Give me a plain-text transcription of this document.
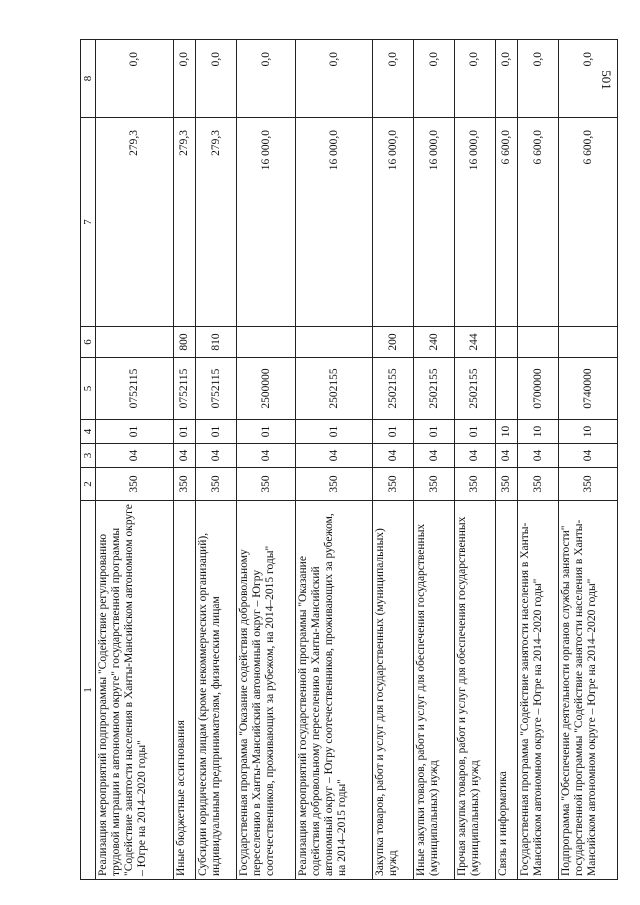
501
1	2	3	4	5	6	7	8
Реализация мероприятий подпрограммы "Содействие регулированию трудовой миграции в автономном округе" государственной программы "Содействие занятости населения в Ханты-Мансийском автономном округе – Югре на 2014–2020 годы"	350	04	01	0752115		279,3	0,0
Иные бюджетные ассигнования	350	04	01	0752115	800	279,3	0,0
Субсидии юридическим лицам (кроме некоммерческих организаций), индивидуальным предпринимателям, физическим лицам	350	04	01	0752115	810	279,3	0,0
Государственная программа "Оказание содействия добровольному переселению в Ханты-Мансийский автономный округ – Югру соотечественников, проживающих за рубежом, на 2014–2015 годы"	350	04	01	2500000		16 000,0	0,0
Реализация мероприятий государственной программы "Оказание содействия добровольному переселению в Ханты-Мансийский автономный округ – Югру соотечественников, проживающих за рубежом, на 2014–2015 годы"	350	04	01	2502155		16 000,0	0,0
Закупка товаров, работ и услуг для государственных (муниципальных) нужд	350	04	01	2502155	200	16 000,0	0,0
Иные закупки товаров, работ и услуг для обеспечения государственных (муниципальных) нужд	350	04	01	2502155	240	16 000,0	0,0
Прочая закупка товаров, работ и услуг для обеспечения государственных (муниципальных) нужд	350	04	01	2502155	244	16 000,0	0,0
Связь и информатика	350	04	10			6 600,0	0,0
Государственная программа "Содействие занятости населения в Ханты-Мансийском автономном округе – Югре на 2014–2020 годы"	350	04	10	0700000		6 600,0	0,0
Подпрограмма "Обеспечение деятельности органов службы занятости" государственной программы "Содействие занятости населения в Ханты-Мансийском автономном округе – Югре на 2014–2020 годы"	350	04	10	0740000		6 600,0	0,0
